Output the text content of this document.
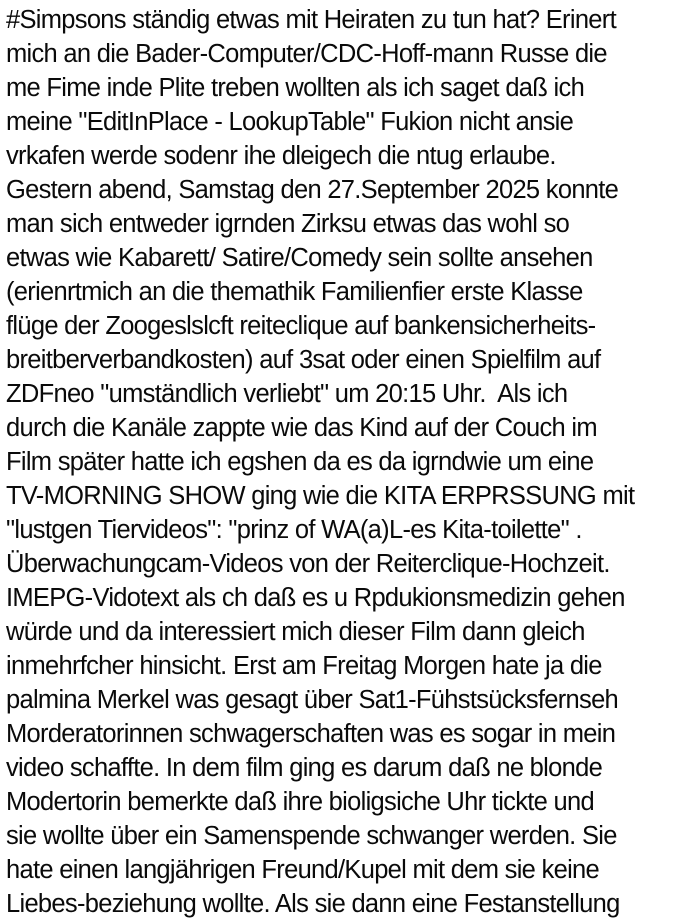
#Simpsons ständig etwas mit Heiraten zu tun hat? Erinert
mich an die Bader-Computer/CDC-Hoff-mann Russe die
me Fime inde Plite treben wollten als ich saget daß ich
meine "EditInPlace - LookupTable" Fukion nicht ansie
vrkafen werde sodenr ihe dleigech die ntug erlaube.
Gestern abend, Samstag den 27.September 2025 konnte
man sich entweder igrnden Zirksu etwas das wohl so
etwas wie Kabarett/ Satire/Comedy sein sollte ansehen
(erienrtmich an die themathik Familienfier erste Klasse
flüge der Zoogeslslcft reiteclique auf bankensicherheits-
breitberverbandkosten) auf 3sat oder einen Spielfilm auf
ZDFneo "umständlich verliebt" um 20:15 Uhr.  Als ich
durch die Kanäle zappte wie das Kind auf der Couch im
Film später hatte ich egshen da es da igrndwie um eine
TV-MORNING SHOW ging wie die KITA ERPRSSUNG mit
"lustgen Tiervideos": "prinz of WA(a)L-es Kita-toilette" .
Überwachungcam-Videos von der Reiterclique-Hochzeit.
IMEPG-Vidotext als ch daß es u Rpdukionsmedizin gehen
würde und da interessiert mich dieser Film dann gleich
inmehrfcher hinsicht. Erst am Freitag Morgen hate ja die
palmina Merkel was gesagt über Sat1-Fühstsücksfernseh
Morderatorinnen schwagerschaften was es sogar in mein
video schaffte. In dem film ging es darum daß ne blonde
Modertorin bemerkte daß ihre bioligsiche Uhr tickte und
sie wollte über ein Samenspende schwanger werden. Sie
hate einen langjährigen Freund/Kupel mit dem sie keine
Liebes-beziehung wollte. Als sie dann eine Festanstellung
